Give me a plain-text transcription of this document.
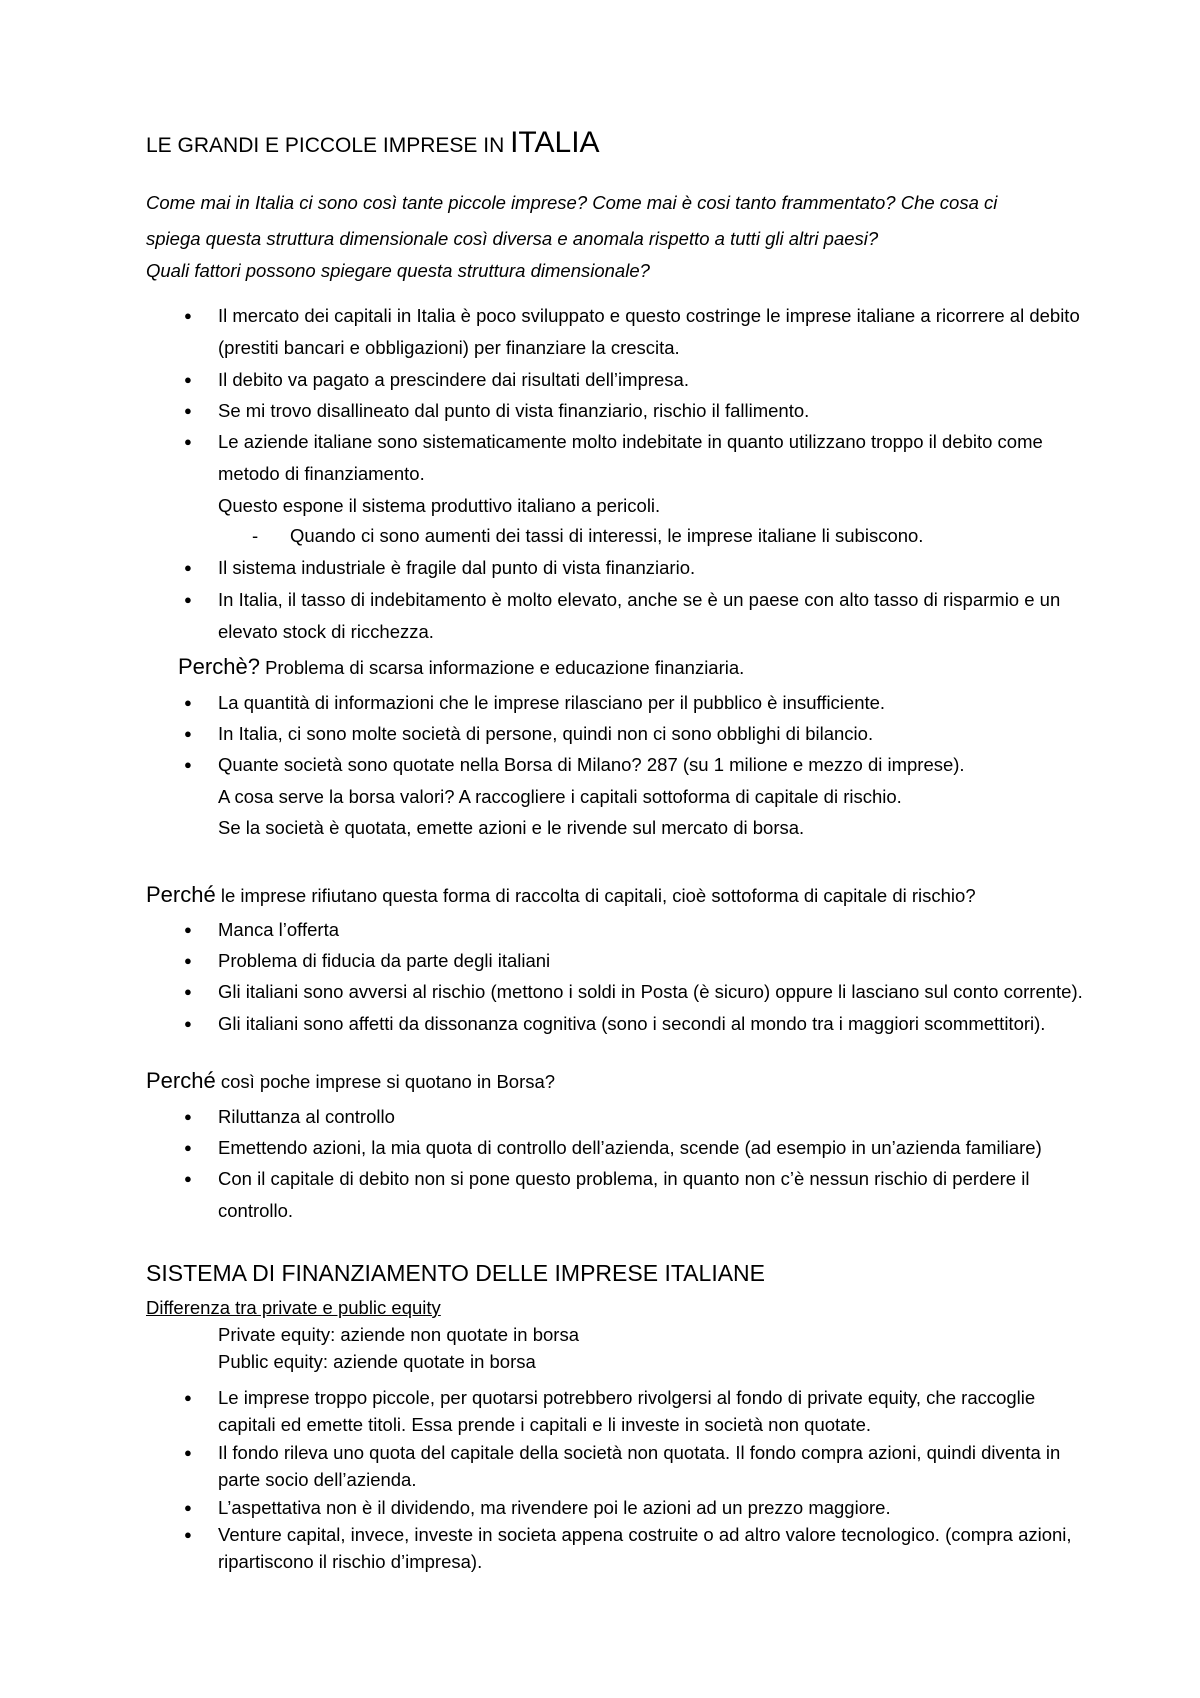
LE GRANDI E PICCOLE IMPRESE IN ITALIA
Come mai in Italia ci sono così tante piccole imprese? Come mai è cosi tanto frammentato? Che cosa ci
spiega questa struttura dimensionale così diversa e anomala rispetto a tutti gli altri paesi?
Quali fattori possono spiegare questa struttura dimensionale?
● Il mercato dei capitali in Italia è poco sviluppato e questo costringe le imprese italiane a ricorrere al debito
(prestiti bancari e obbligazioni) per finanziare la crescita.
● Il debito va pagato a prescindere dai risultati dell’impresa.
● Se mi trovo disallineato dal punto di vista finanziario, rischio il fallimento.
● Le aziende italiane sono sistematicamente molto indebitate in quanto utilizzano troppo il debito come
metodo di finanziamento.
Questo espone il sistema produttivo italiano a pericoli.
- Quando ci sono aumenti dei tassi di interessi, le imprese italiane li subiscono.
● Il sistema industriale è fragile dal punto di vista finanziario.
● In Italia, il tasso di indebitamento è molto elevato, anche se è un paese con alto tasso di risparmio e un
elevato stock di ricchezza.
Perchè? Problema di scarsa informazione e educazione finanziaria.
● La quantità di informazioni che le imprese rilasciano per il pubblico è insufficiente.
● In Italia, ci sono molte società di persone, quindi non ci sono obblighi di bilancio.
● Quante società sono quotate nella Borsa di Milano? 287 (su 1 milione e mezzo di imprese).
A cosa serve la borsa valori? A raccogliere i capitali sottoforma di capitale di rischio.
Se la società è quotata, emette azioni e le rivende sul mercato di borsa.
Perché le imprese rifiutano questa forma di raccolta di capitali, cioè sottoforma di capitale di rischio?
● Manca l’offerta
● Problema di fiducia da parte degli italiani
● Gli italiani sono avversi al rischio (mettono i soldi in Posta (è sicuro) oppure li lasciano sul conto corrente).
● Gli italiani sono affetti da dissonanza cognitiva (sono i secondi al mondo tra i maggiori scommettitori).
Perché così poche imprese si quotano in Borsa?
● Riluttanza al controllo
● Emettendo azioni, la mia quota di controllo dell’azienda, scende (ad esempio in un’azienda familiare)
● Con il capitale di debito non si pone questo problema, in quanto non c’è nessun rischio di perdere il
controllo.
SISTEMA DI FINANZIAMENTO DELLE IMPRESE ITALIANE
Differenza tra private e public equity
Private equity: aziende non quotate in borsa
Public equity: aziende quotate in borsa
● Le imprese troppo piccole, per quotarsi potrebbero rivolgersi al fondo di private equity, che raccoglie
capitali ed emette titoli. Essa prende i capitali e li investe in società non quotate.
● Il fondo rileva uno quota del capitale della società non quotata. Il fondo compra azioni, quindi diventa in
parte socio dell’azienda.
● L’aspettativa non è il dividendo, ma rivendere poi le azioni ad un prezzo maggiore.
● Venture capital, invece, investe in societa appena costruite o ad altro valore tecnologico. (compra azioni,
ripartiscono il rischio d’impresa).
